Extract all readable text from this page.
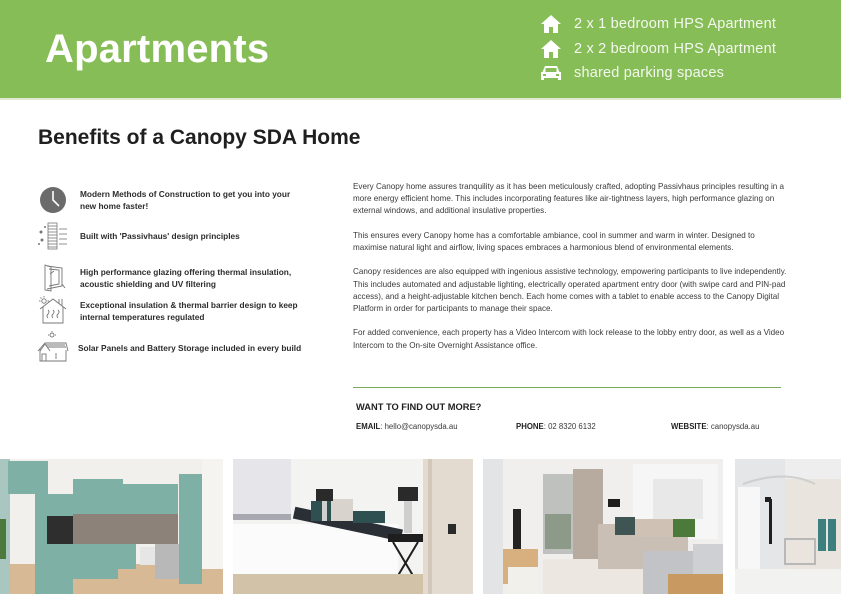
Apartments
2 x 1 bedroom HPS Apartment
2 x 2 bedroom HPS Apartment
shared parking spaces
Benefits of a Canopy SDA Home
Modern Methods of Construction to get you into your new home faster!
Built with 'Passivhaus' design principles
High performance glazing offering thermal insulation, acoustic shielding and UV filtering
Exceptional insulation & thermal barrier design to keep internal temperatures regulated
Solar Panels and Battery Storage included in every build

Every Canopy home assures tranquility as it has been meticulously crafted, adopting Passivhaus principles resulting in a more energy efficient home. This includes incorporating features like air-tightness layers, high performance glazing on external windows, and additional insulative properties.

This ensures every Canopy home has a comfortable ambiance, cool in summer and warm in winter. Designed to maximise natural light and airflow, living spaces embraces a harmonious blend of environmental elements.

Canopy residences are also equipped with ingenious assistive technology, empowering participants to live independently.

This includes automated and adjustable lighting, electrically operated apartment entry door (with swipe card and PIN-pad access), and a height-adjustable kitchen bench. Each home comes with a tablet to enable access to the Canopy Digital Platform in order for participants to manage their space.

For added convenience, each property has a Video Intercom with lock release to the lobby entry door, as well as a Video Intercom to the On-site Overnight Assistance office.

WANT TO FIND OUT MORE?
EMAIL: hello@canopysda.au	PHONE: 02 8320 6132	WEBSITE: canopysda.au
